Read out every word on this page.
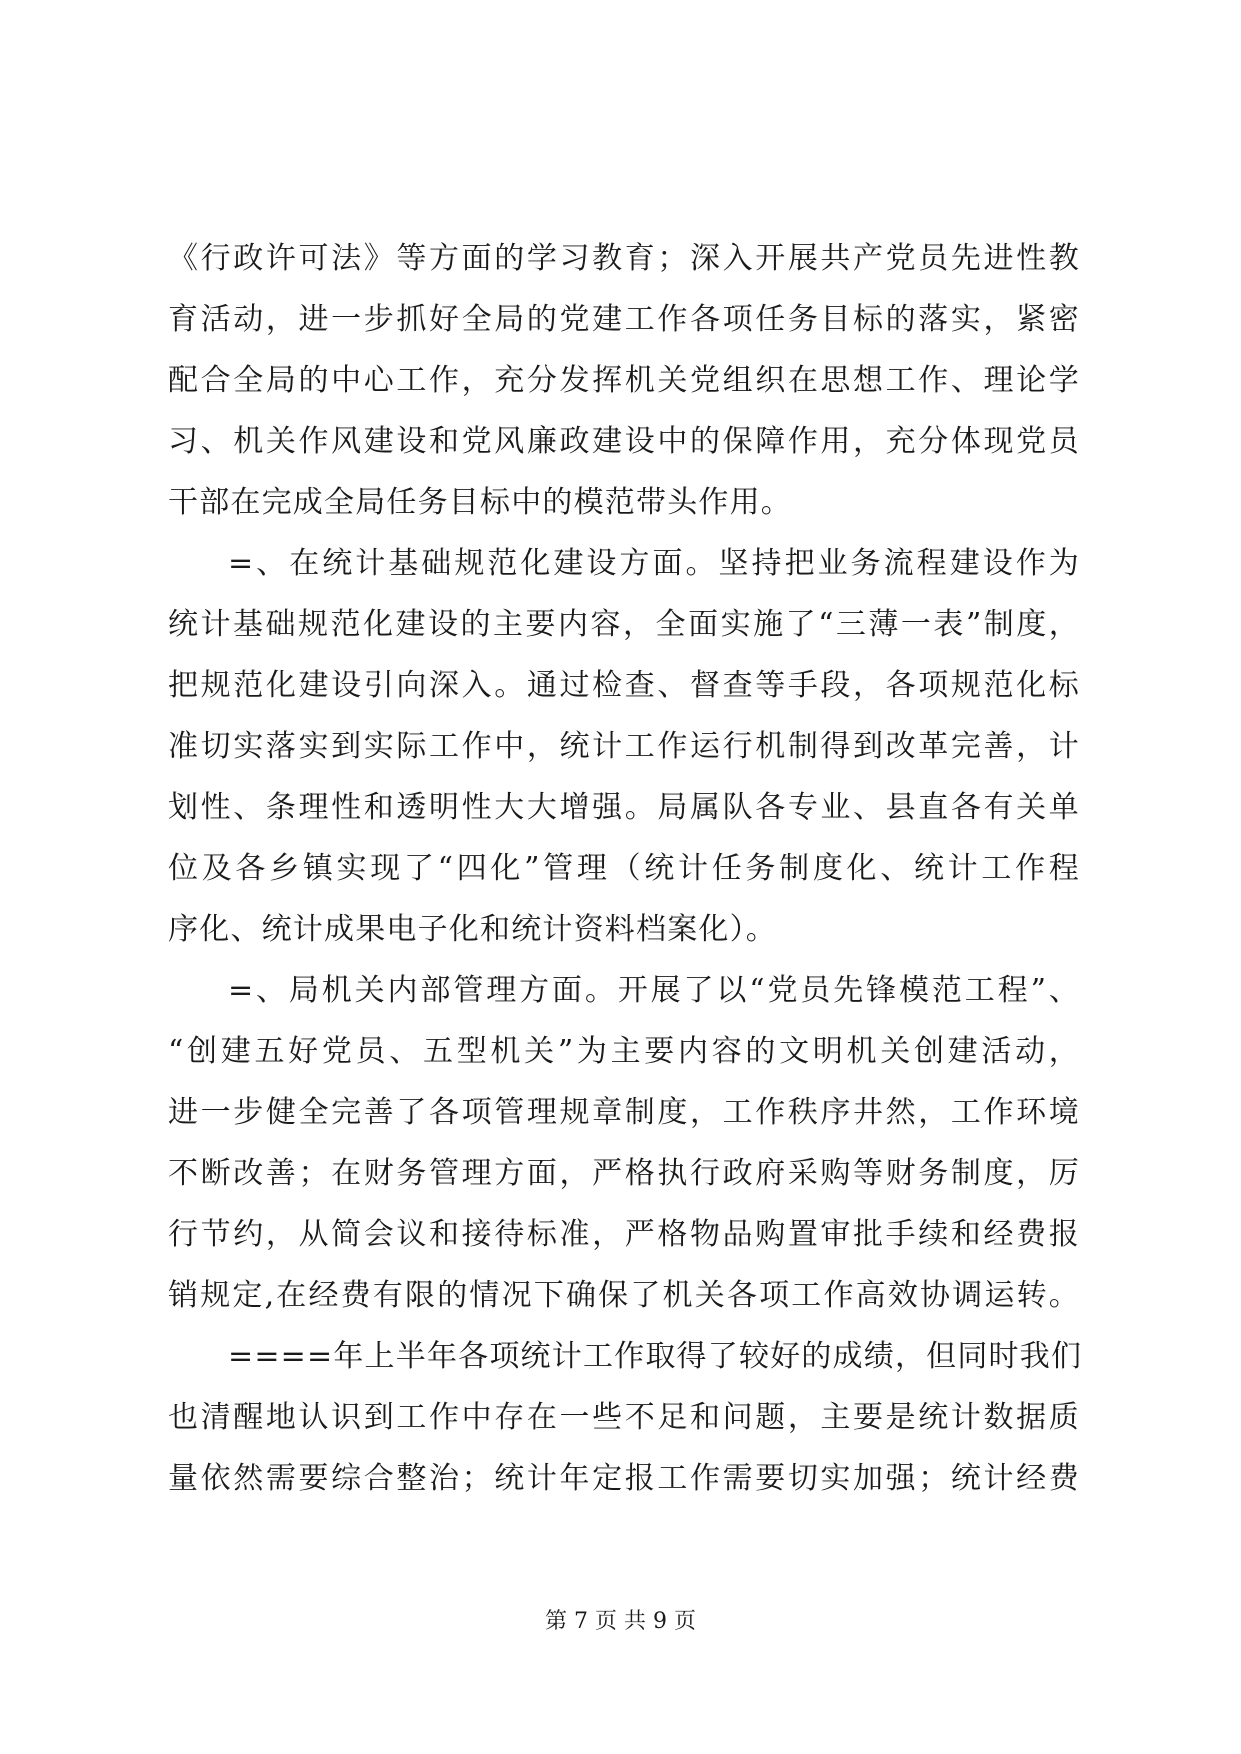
《行政许可法》等方面的学习教育；深入开展共产党员先进性教
育活动，进一步抓好全局的党建工作各项任务目标的落实，紧密
配合全局的中心工作，充分发挥机关党组织在思想工作、理论学
习、机关作风建设和党风廉政建设中的保障作用，充分体现党员
干部在完成全局任务目标中的模范带头作用。
=、在统计基础规范化建设方面。坚持把业务流程建设作为
统计基础规范化建设的主要内容，全面实施了“三薄一表”制度，
把规范化建设引向深入。通过检查、督查等手段，各项规范化标
准切实落实到实际工作中，统计工作运行机制得到改革完善，计
划性、条理性和透明性大大增强。局属队各专业、县直各有关单
位及各乡镇实现了“四化”管理（统计任务制度化、统计工作程
序化、统计成果电子化和统计资料档案化）。
=、局机关内部管理方面。开展了以“党员先锋模范工程”、
“创建五好党员、五型机关”为主要内容的文明机关创建活动，
进一步健全完善了各项管理规章制度，工作秩序井然，工作环境
不断改善；在财务管理方面，严格执行政府采购等财务制度，厉
行节约，从简会议和接待标准，严格物品购置审批手续和经费报
销规定,在经费有限的情况下确保了机关各项工作高效协调运转。
====年上半年各项统计工作取得了较好的成绩，但同时我们
也清醒地认识到工作中存在一些不足和问题，主要是统计数据质
量依然需要综合整治；统计年定报工作需要切实加强；统计经费
第 7 页 共 9 页
